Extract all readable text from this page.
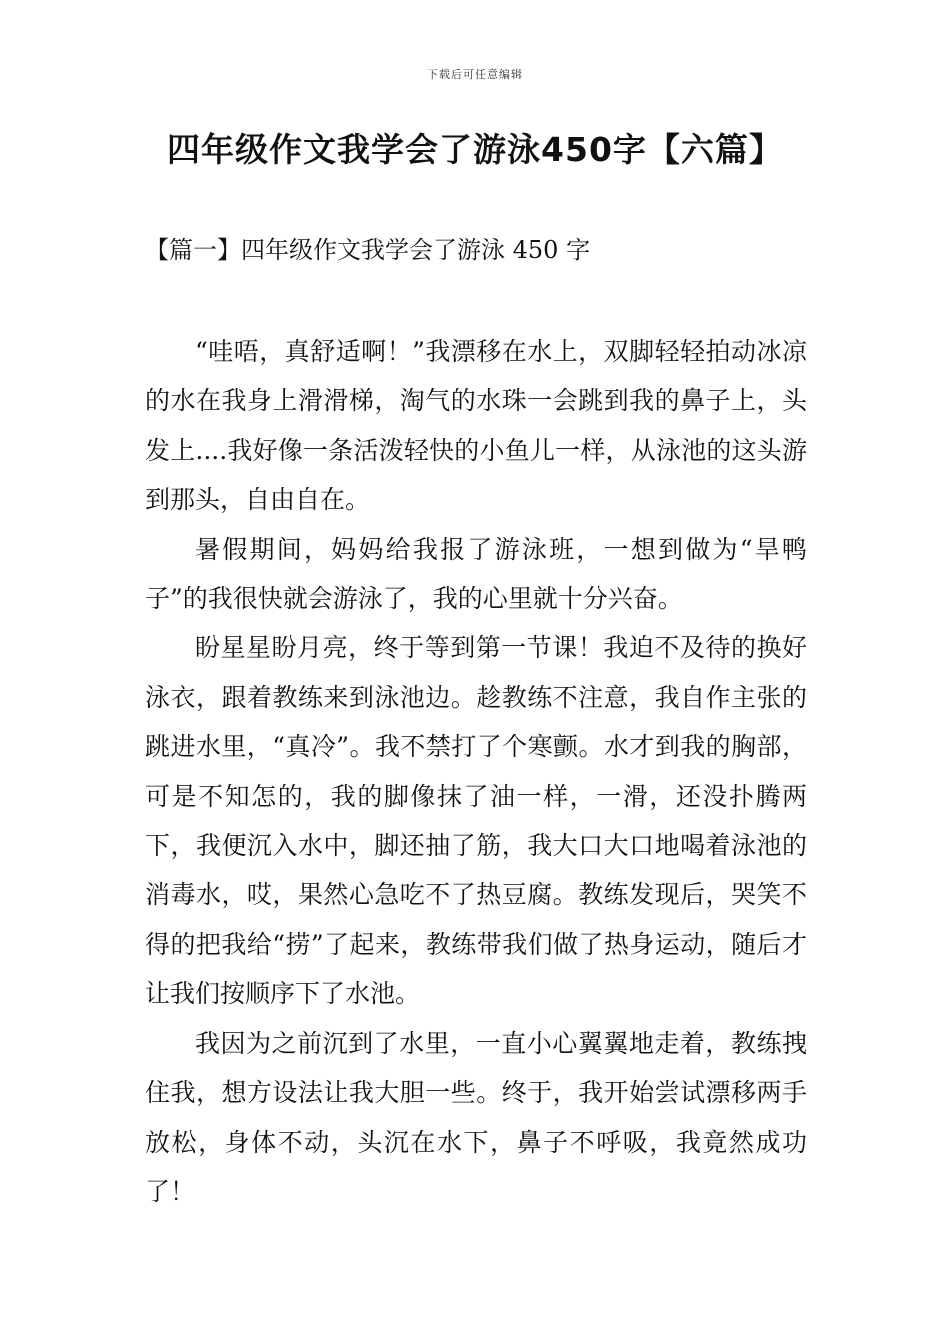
下载后可任意编辑
四年级作文我学会了游泳450字【六篇】
【篇一】四年级作文我学会了游泳 450 字

“哇唔，真舒适啊！”我漂移在水上，双脚轻轻拍动冰凉的水在我身上滑滑梯，淘气的水珠一会跳到我的鼻子上，头发上....我好像一条活泼轻快的小鱼儿一样，从泳池的这头游到那头，自由自在。

暑假期间，妈妈给我报了游泳班，一想到做为“旱鸭子”的我很快就会游泳了，我的心里就十分兴奋。

盼星星盼月亮，终于等到第一节课！我迫不及待的换好泳衣，跟着教练来到泳池边。趁教练不注意，我自作主张的跳进水里，“真冷”。我不禁打了个寒颤。水才到我的胸部，可是不知怎的，我的脚像抹了油一样，一滑，还没扑腾两下，我便沉入水中，脚还抽了筋，我大口大口地喝着泳池的消毒水，哎，果然心急吃不了热豆腐。教练发现后，哭笑不得的把我给“捞”了起来，教练带我们做了热身运动，随后才让我们按顺序下了水池。

我因为之前沉到了水里，一直小心翼翼地走着，教练拽住我，想方设法让我大胆一些。终于，我开始尝试漂移两手放松，身体不动，头沉在水下，鼻子不呼吸，我竟然成功了！
